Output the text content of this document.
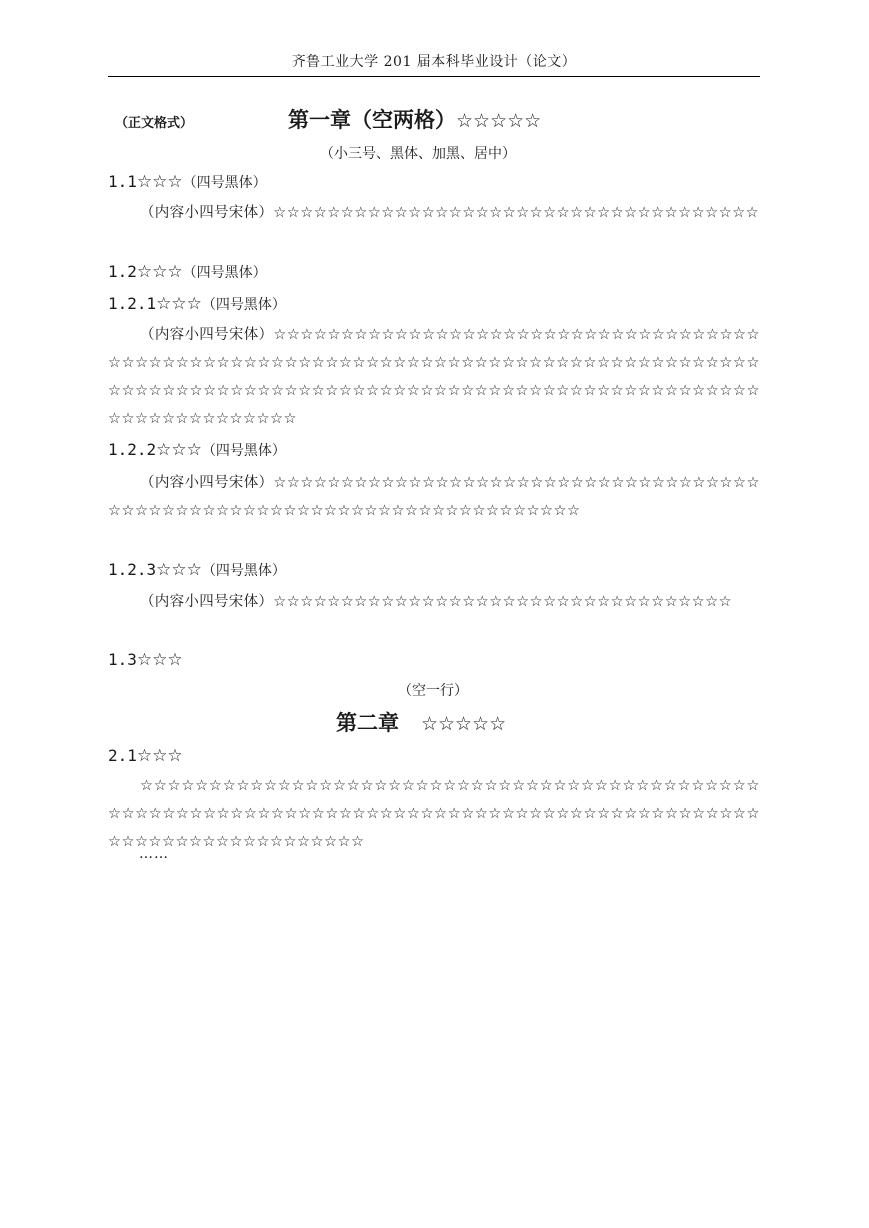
齐鲁工业大学 201 届本科毕业设计（论文）
（正文格式）	第一章（空两格）☆☆☆☆☆
（小三号、黑体、加黑、居中）
1.1☆☆☆（四号黑体）
（内容小四号宋体）☆☆☆☆☆☆☆☆☆☆☆☆☆☆☆☆☆☆☆☆☆☆☆☆☆☆☆☆☆☆☆☆☆☆☆☆
1.2☆☆☆（四号黑体）
1.2.1☆☆☆（四号黑体）
（内容小四号宋体）☆☆☆☆☆☆☆☆☆☆☆☆☆☆☆☆☆☆☆☆☆☆☆☆☆☆☆☆☆☆☆☆☆☆☆☆☆☆☆☆☆☆☆☆☆☆☆☆☆☆☆☆☆☆☆☆☆☆☆☆☆☆☆☆☆☆☆☆☆☆☆☆☆☆☆☆☆☆☆☆☆☆☆☆☆☆☆☆☆☆☆☆☆☆☆☆☆☆☆☆☆☆☆☆☆☆☆☆☆☆☆☆☆☆☆☆☆☆☆☆☆☆☆☆☆☆☆☆☆☆☆☆☆☆☆☆☆☆☆☆☆☆☆☆☆☆
1.2.2☆☆☆（四号黑体）
（内容小四号宋体）☆☆☆☆☆☆☆☆☆☆☆☆☆☆☆☆☆☆☆☆☆☆☆☆☆☆☆☆☆☆☆☆☆☆☆☆☆☆☆☆☆☆☆☆☆☆☆☆☆☆☆☆☆☆☆☆☆☆☆☆☆☆☆☆☆☆☆☆☆☆☆
1.2.3☆☆☆（四号黑体）
（内容小四号宋体）☆☆☆☆☆☆☆☆☆☆☆☆☆☆☆☆☆☆☆☆☆☆☆☆☆☆☆☆☆☆☆☆☆☆
1.3☆☆☆
（空一行）
第二章 ☆☆☆☆☆
2.1☆☆☆
☆☆☆☆☆☆☆☆☆☆☆☆☆☆☆☆☆☆☆☆☆☆☆☆☆☆☆☆☆☆☆☆☆☆☆☆☆☆☆☆☆☆☆☆☆☆☆☆☆☆☆☆☆☆☆☆☆☆☆☆☆☆☆☆☆☆☆☆☆☆☆☆☆☆☆☆☆☆☆☆☆☆☆☆☆☆☆☆☆☆☆☆☆☆☆☆☆☆☆☆☆☆☆☆☆☆☆☆☆☆☆☆
……
